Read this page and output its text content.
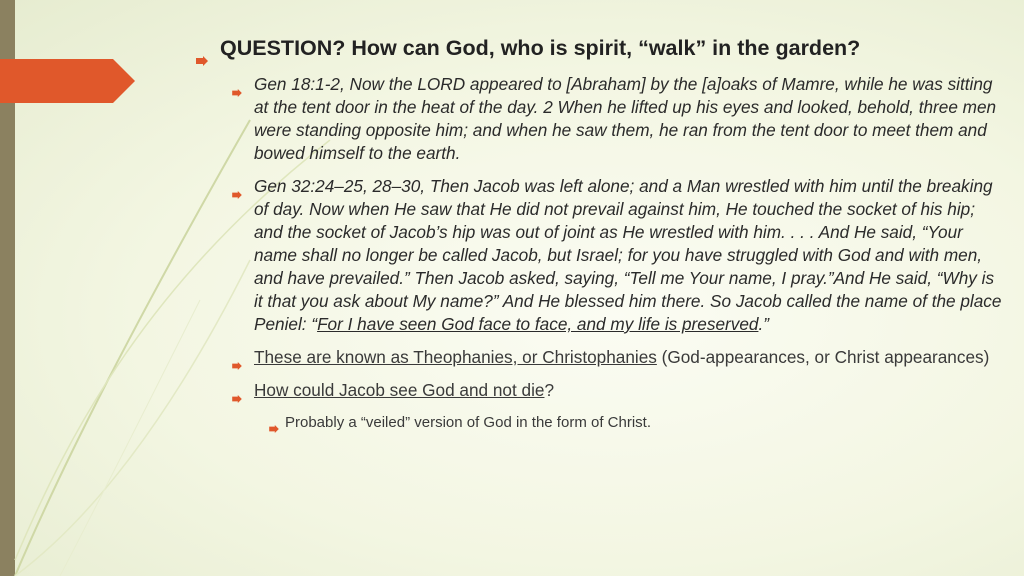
QUESTION? How can God, who is spirit, “walk” in the garden?
Gen 18:1-2, Now the LORD appeared to [Abraham] by the [a]oaks of Mamre, while he was sitting at the tent door in the heat of the day. 2 When he lifted up his eyes and looked, behold, three men were standing opposite him; and when he saw them, he ran from the tent door to meet them and bowed himself to the earth.
Gen 32:24–25, 28–30, Then Jacob was left alone; and a Man wrestled with him until the breaking of day. Now when He saw that He did not prevail against him, He touched the socket of his hip; and the socket of Jacob’s hip was out of joint as He wrestled with him. . . . And He said, “Your name shall no longer be called Jacob, but Israel; for you have struggled with God and with men, and have prevailed.” Then Jacob asked, saying, “Tell me Your name, I pray.”And He said, “Why is it that you ask about My name?” And He blessed him there. So Jacob called the name of the place Peniel: “For I have seen God face to face, and my life is preserved.”
These are known as Theophanies, or Christophanies (God-appearances, or Christ appearances)
How could Jacob see God and not die?
Probably a “veiled” version of God in the form of Christ.
